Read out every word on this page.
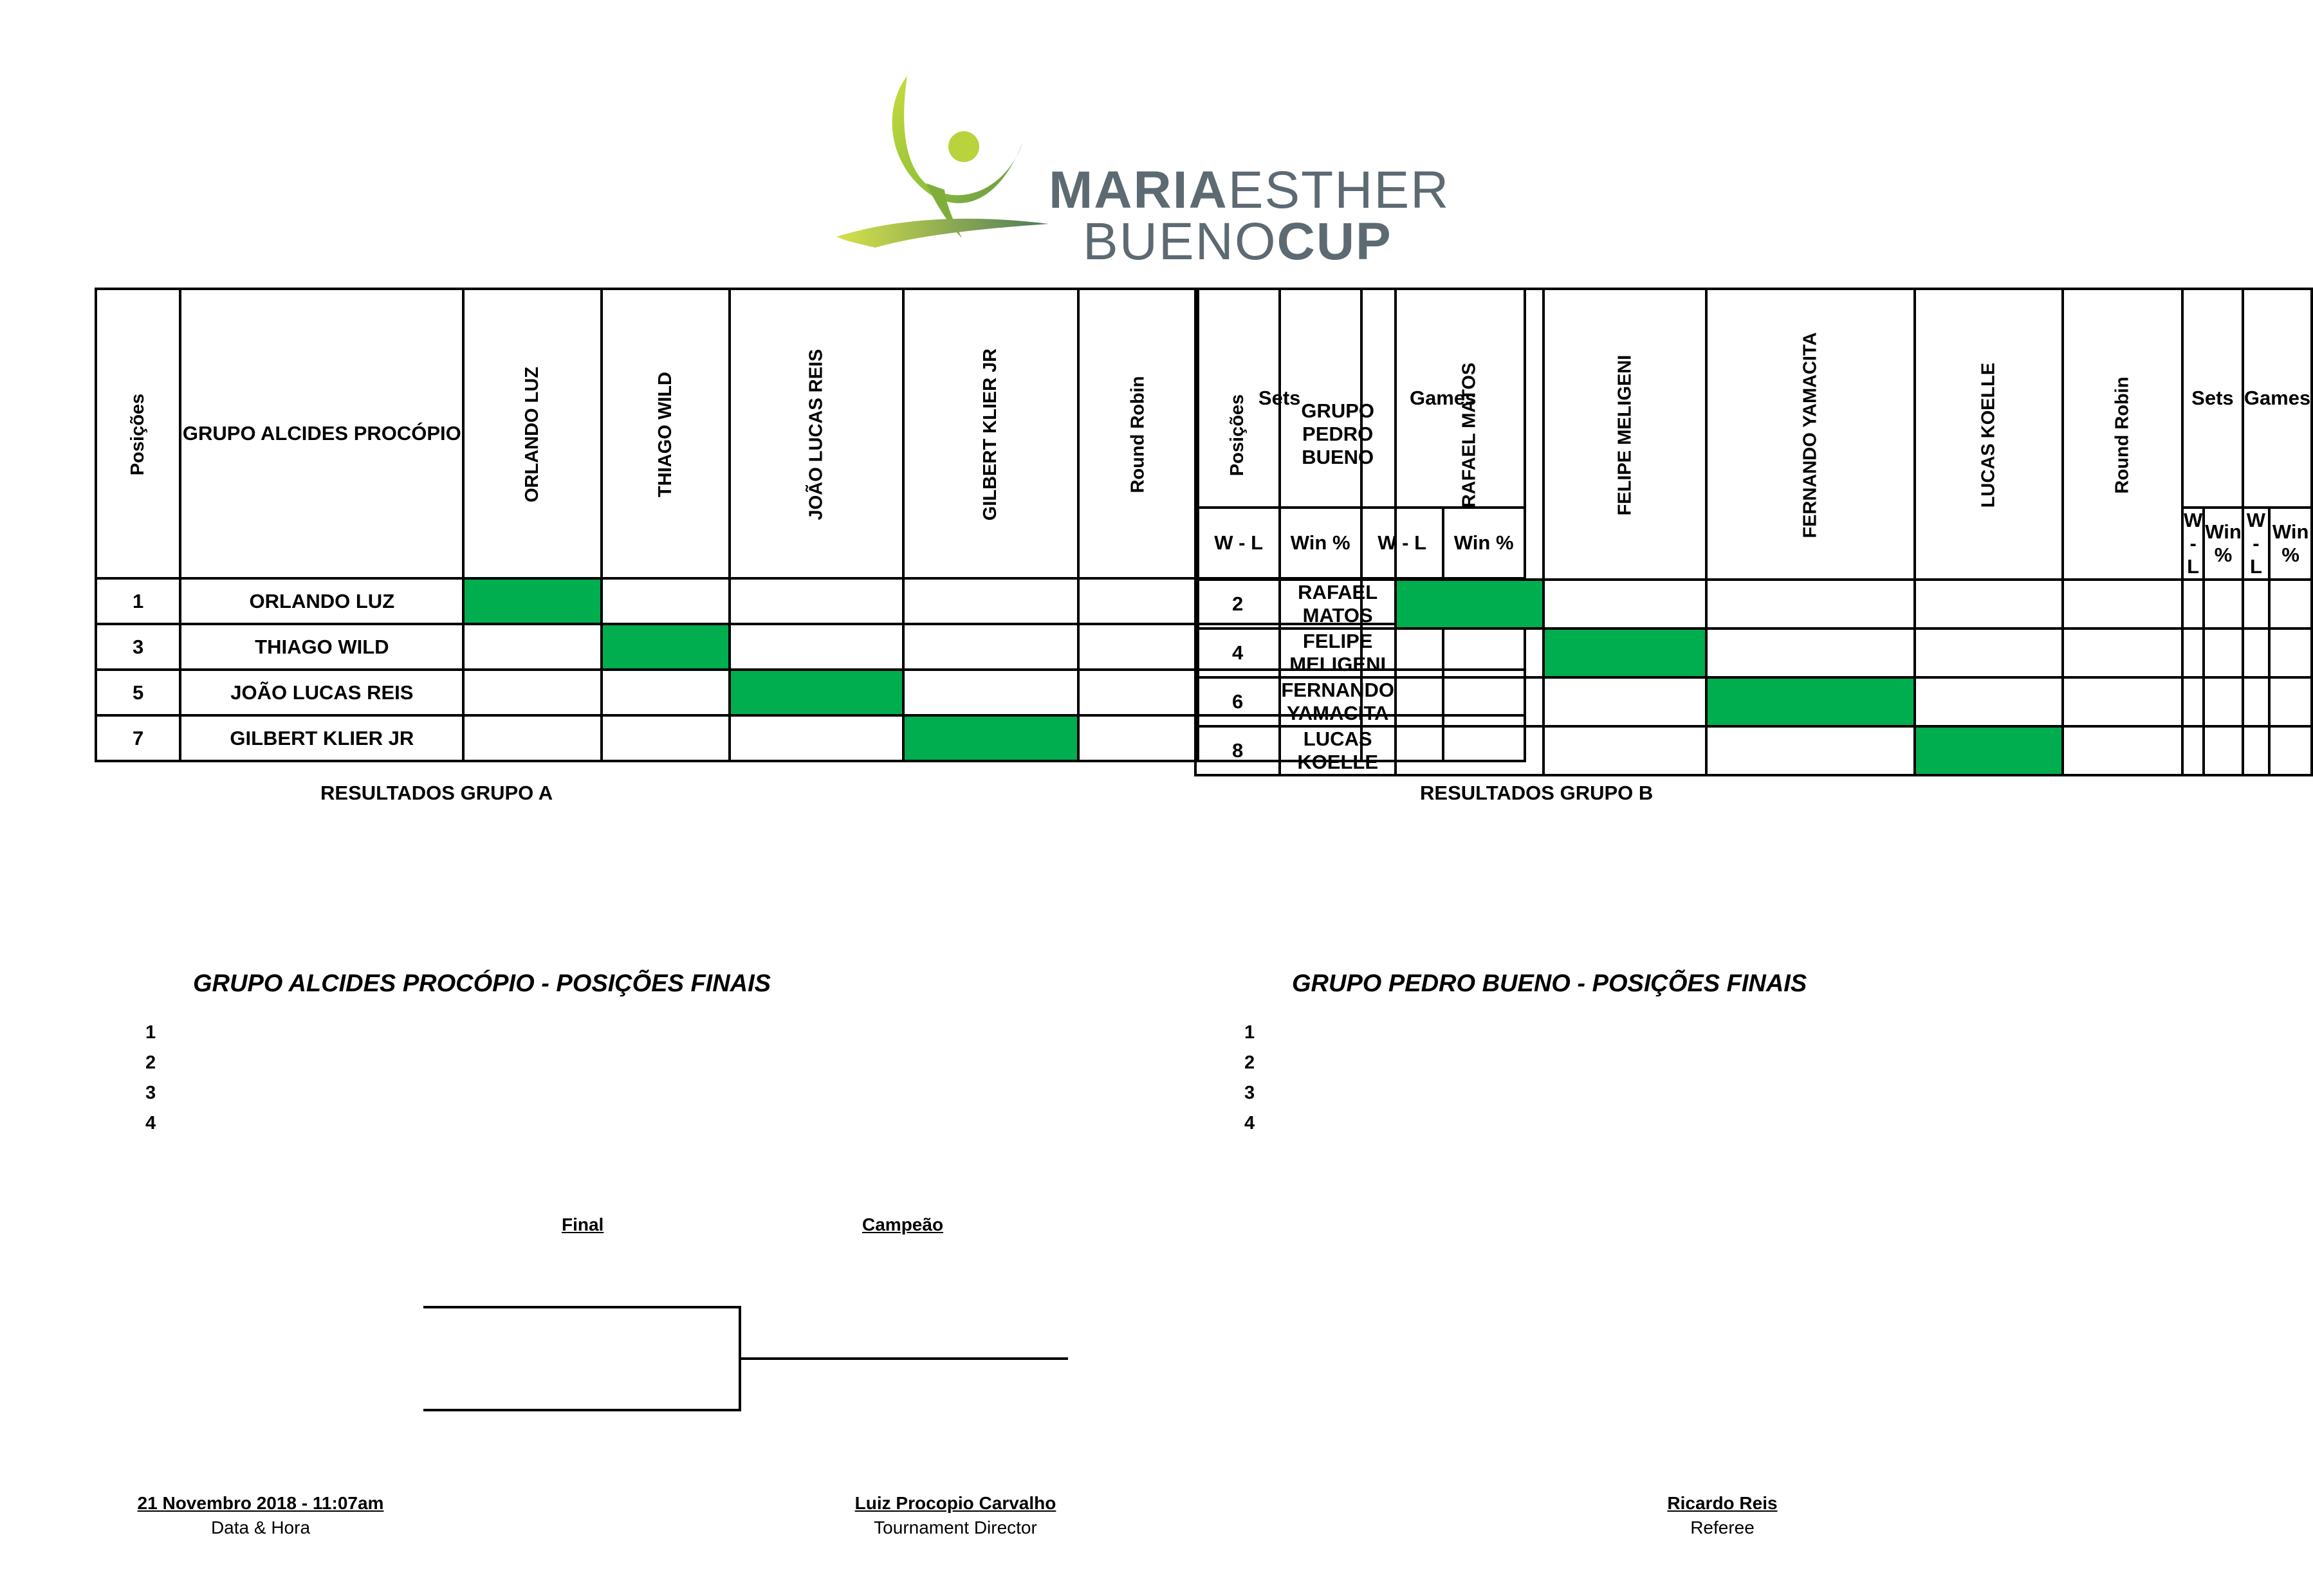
MARIAESTHER
BUENOCUP
Posições	GRUPO ALCIDES PROCÓPIO	ORLANDO LUZ	THIAGO WILD	JOÃO LUCAS REIS	GILBERT KLIER JR	Round Robin	Sets		Games	
							W - L	Win %	W - L	Win %
1	ORLANDO LUZ									
3	THIAGO WILD									
5	JOÃO LUCAS REIS									
7	GILBERT KLIER JR									
RESULTADOS GRUPO A
Posições	GRUPO PEDRO BUENO	RAFAEL MATOS	FELIPE MELIGENI	FERNANDO YAMACITA	LUCAS KOELLE	Round Robin	Sets		Games	
							W - L	Win %	W - L	Win %
2	RAFAEL MATOS									
4	FELIPE MELIGENI									
6	FERNANDO YAMACITA									
8	LUCAS KOELLE									
RESULTADOS GRUPO B
GRUPO ALCIDES PROCÓPIO - POSIÇÕES FINAIS
1
2
3
4
GRUPO PEDRO BUENO - POSIÇÕES FINAIS
1
2
3
4
Final	Campeão
21 Novembro 2018 - 11:07am
Data & Hora
Luiz Procopio Carvalho
Tournament Director
Ricardo Reis
Referee
